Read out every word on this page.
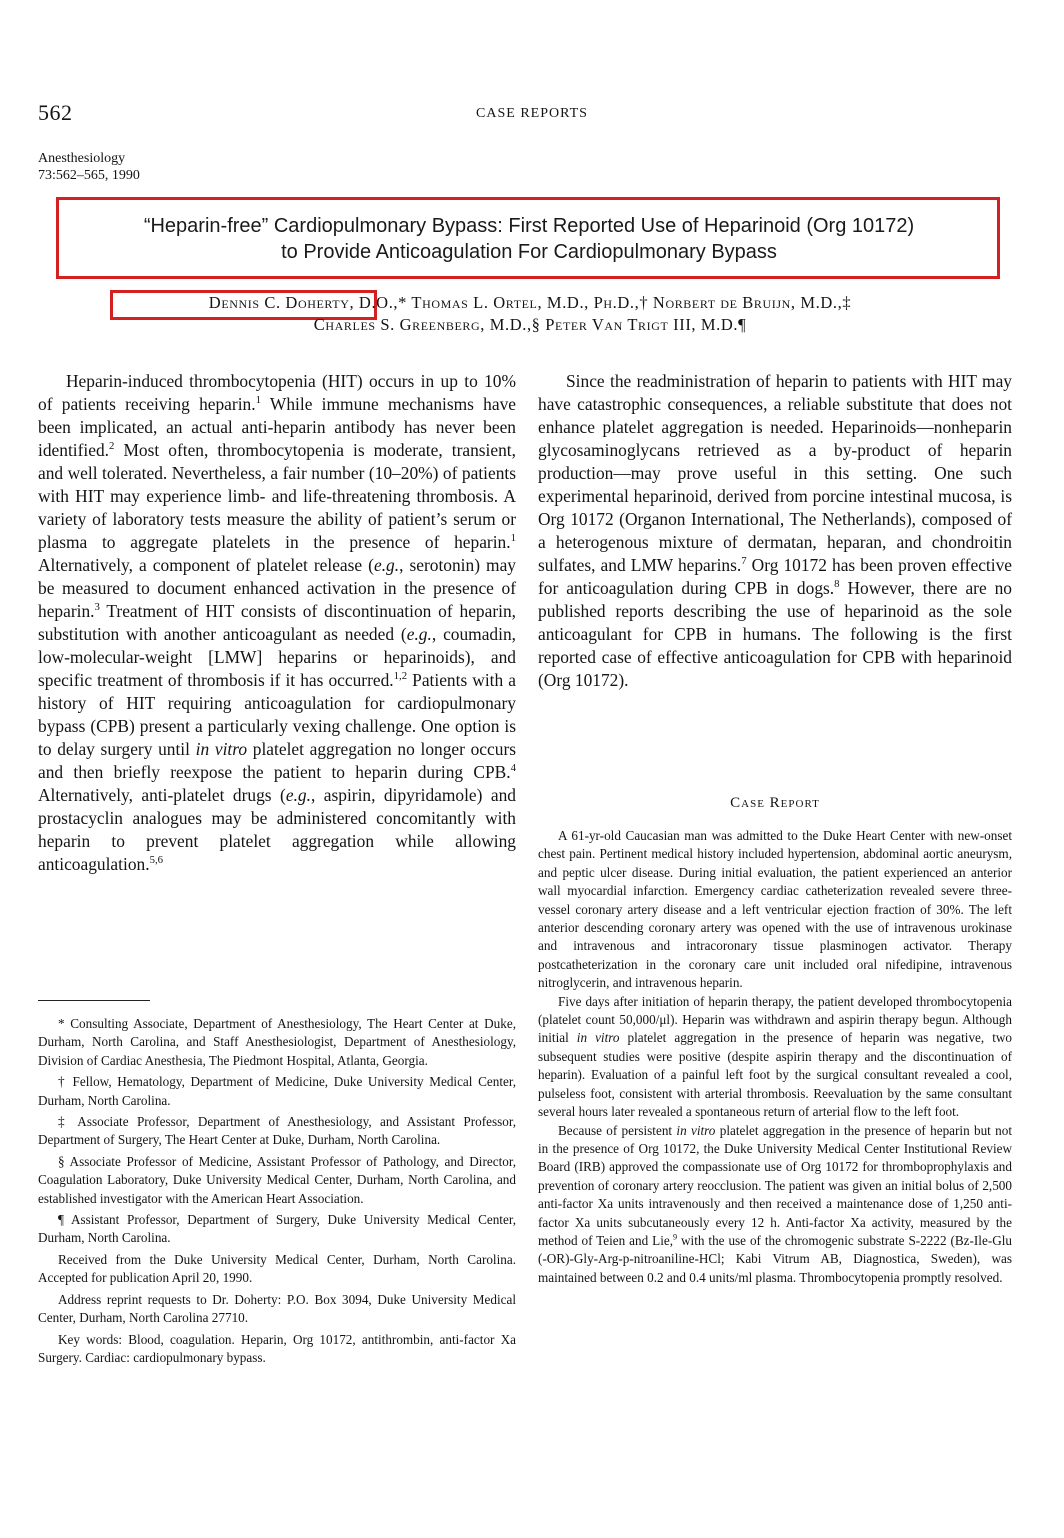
562	CASE REPORTS
Anesthesiology
73:562–565, 1990
“Heparin-free” Cardiopulmonary Bypass: First Reported Use of Heparinoid (Org 10172)
to Provide Anticoagulation For Cardiopulmonary Bypass
Dennis C. Doherty, D.O.,* Thomas L. Ortel, M.D., Ph.D.,† Norbert de Bruijn, M.D.,‡
Charles S. Greenberg, M.D.,§ Peter Van Trigt III, M.D.¶

Heparin-induced thrombocytopenia (HIT) occurs in up to 10% of patients receiving heparin.$^1$ While immune mechanisms have been implicated, an actual anti-heparin antibody has never been identified.$^2$ Most often, thrombocytopenia is moderate, transient, and well tolerated. Nevertheless, a fair number (10–20%) of patients with HIT may experience limb- and life-threatening thrombosis. A variety of laboratory tests measure the ability of patient’s serum or plasma to aggregate platelets in the presence of heparin.$^1$ Alternatively, a component of platelet release (e.g., serotonin) may be measured to document enhanced activation in the presence of heparin.$^3$ Treatment of HIT consists of discontinuation of heparin, substitution with another anticoagulant as needed (e.g., coumadin, low-molecular-weight [LMW] heparins or heparinoids), and specific treatment of thrombosis if it has occurred.$^{1,2}$ Patients with a history of HIT requiring anticoagulation for cardiopulmonary bypass (CPB) present a particularly vexing challenge. One option is to delay surgery until in vitro platelet aggregation no longer occurs and then briefly reexpose the patient to heparin during CPB.$^4$ Alternatively, anti-platelet drugs (e.g., aspirin, dipyridamole) and prostacyclin analogues may be administered concomitantly with heparin to prevent platelet aggregation while allowing anticoagulation.$^{5,6}$

Since the readministration of heparin to patients with HIT may have catastrophic consequences, a reliable substitute that does not enhance platelet aggregation is needed. Heparinoids—nonheparin glycosaminoglycans retrieved as a by-product of heparin production—may prove useful in this setting. One such experimental heparinoid, derived from porcine intestinal mucosa, is Org 10172 (Organon International, The Netherlands), composed of a heterogenous mixture of dermatan, heparan, and chondroitin sulfates, and LMW heparins.$^7$ Org 10172 has been proven effective for anticoagulation during CPB in dogs.$^8$ However, there are no published reports describing the use of heparinoid as the sole anticoagulant for CPB in humans. The following is the first reported case of effective anticoagulation for CPB with heparinoid (Org 10172).

Case Report

A 61-yr-old Caucasian man was admitted to the Duke Heart Center with new-onset chest pain. Pertinent medical history included hypertension, abdominal aortic aneurysm, and peptic ulcer disease. During initial evaluation, the patient experienced an anterior wall myocardial infarction. Emergency cardiac catheterization revealed severe three-vessel coronary artery disease and a left ventricular ejection fraction of 30%. The left anterior descending coronary artery was opened with the use of intravenous urokinase and intravenous and intracoronary tissue plasminogen activator. Therapy postcatheterization in the coronary care unit included oral nifedipine, intravenous nitroglycerin, and intravenous heparin.

Five days after initiation of heparin therapy, the patient developed thrombocytopenia (platelet count 50,000/μl). Heparin was withdrawn and aspirin therapy begun. Although initial in vitro platelet aggregation in the presence of heparin was negative, two subsequent studies were positive (despite aspirin therapy and the discontinuation of heparin). Evaluation of a painful left foot by the surgical consultant revealed a cool, pulseless foot, consistent with arterial thrombosis. Reevaluation by the same consultant several hours later revealed a spontaneous return of arterial flow to the left foot.

Because of persistent in vitro platelet aggregation in the presence of heparin but not in the presence of Org 10172, the Duke University Medical Center Institutional Review Board (IRB) approved the compassionate use of Org 10172 for thromboprophylaxis and prevention of coronary artery reocclusion. The patient was given an initial bolus of 2,500 anti-factor Xa units intravenously and then received a maintenance dose of 1,250 anti-factor Xa units subcutaneously every 12 h. Anti-factor Xa activity, measured by the method of Teien and Lie,$^9$ with the use of the chromogenic substrate S-2222 (Bz-Ile-Glu (-OR)-Gly-Arg-p-nitroaniline-HCl; Kabi Vitrum AB, Diagnostica, Sweden), was maintained between 0.2 and 0.4 units/ml plasma. Thrombocytopenia promptly resolved.

* Consulting Associate, Department of Anesthesiology, The Heart Center at Duke, Durham, North Carolina, and Staff Anesthesiologist, Department of Anesthesiology, Division of Cardiac Anesthesia, The Piedmont Hospital, Atlanta, Georgia.

† Fellow, Hematology, Department of Medicine, Duke University Medical Center, Durham, North Carolina.

‡ Associate Professor, Department of Anesthesiology, and Assistant Professor, Department of Surgery, The Heart Center at Duke, Durham, North Carolina.

§ Associate Professor of Medicine, Assistant Professor of Pathology, and Director, Coagulation Laboratory, Duke University Medical Center, Durham, North Carolina, and established investigator with the American Heart Association.

¶ Assistant Professor, Department of Surgery, Duke University Medical Center, Durham, North Carolina.

Received from the Duke University Medical Center, Durham, North Carolina. Accepted for publication April 20, 1990.

Address reprint requests to Dr. Doherty: P.O. Box 3094, Duke University Medical Center, Durham, North Carolina 27710.

Key words: Blood, coagulation. Heparin, Org 10172, antithrombin, anti-factor Xa Surgery. Cardiac: cardiopulmonary bypass.
